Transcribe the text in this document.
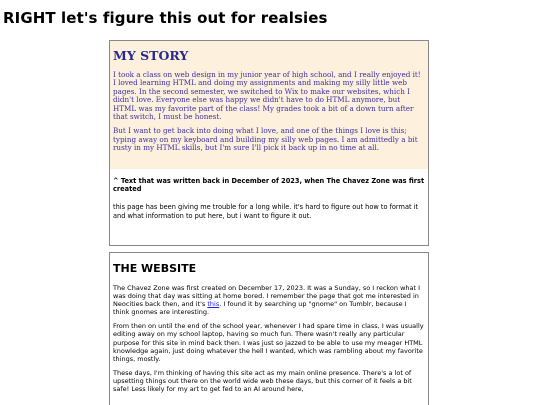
RIGHT let's figure this out for realsies
MY STORY

I took a class on web design in my junior year of high school, and I really enjoyed it! I loved learning HTML and doing my assignments and making my silly little web pages. In the second semester, we switched to Wix to make our websites, which I didn't love. Everyone else was happy we didn't have to do HTML anymore, but HTML was my favorite part of the class! My grades took a bit of a down turn after that switch, I must be honest.

But I want to get back into doing what I love, and one of the things I love is this; typing away on my keyboard and building my silly web pages. I am admittedly a bit rusty in my HTML skills, but I'm sure I'll pick it back up in no time at all.

^ Text that was written back in December of 2023, when The Chavez Zone was first created

this page has been giving me trouble for a long while. it's hard to figure out how to format it and what information to put here, but i want to figure it out.

THE WEBSITE

The Chavez Zone was first created on December 17, 2023. It was a Sunday, so I reckon what I was doing that day was sitting at home bored. I remember the page that got me interested in Neocities back then, and it's this. I found it by searching up "gnome" on Tumblr, because I think gnomes are interesting.

From then on until the end of the school year, whenever I had spare time in class, I was usually editing away on my school laptop, having so much fun. There wasn't really any particular purpose for this site in mind back then. I was just so jazzed to be able to use my meager HTML knowledge again, just doing whatever the hell I wanted, which was rambling about my favorite things, mostly.

These days, I'm thinking of having this site act as my main online presence. There's a lot of upsetting things out there on the world wide web these days, but this corner of it feels a bit safe! Less likely for my art to get fed to an AI around here,
